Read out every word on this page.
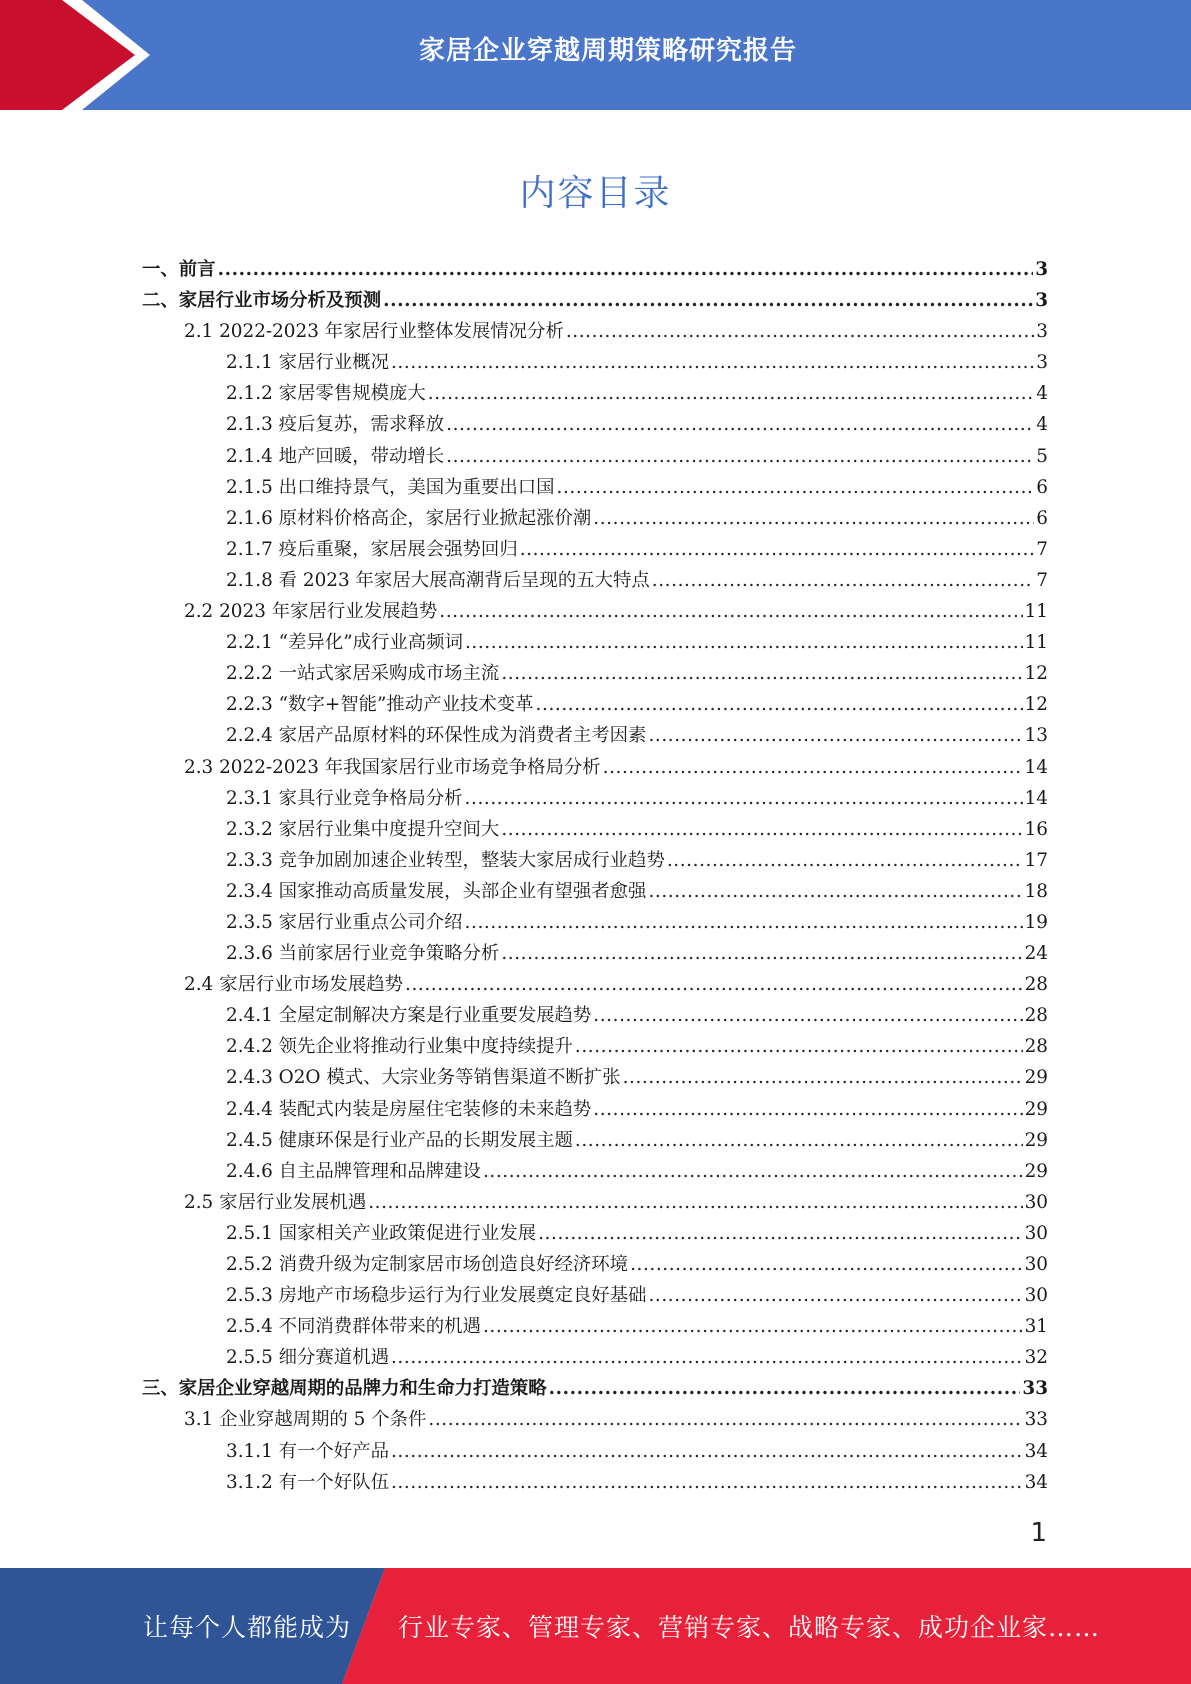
家居企业穿越周期策略研究报告
内容目录
一、前言 .....	3
二、家居行业市场分析及预测 .....	3
2.1 2022-2023 年家居行业整体发展情况分析 .....	3
2.1.1 家居行业概况 .....	3
2.1.2 家居零售规模庞大 .....	4
2.1.3 疫后复苏，需求释放 .....	4
2.1.4 地产回暖，带动增长 .....	5
2.1.5 出口维持景气，美国为重要出口国 .....	6
2.1.6 原材料价格高企，家居行业掀起涨价潮 .....	6
2.1.7 疫后重聚，家居展会强势回归 .....	7
2.1.8 看 2023 年家居大展高潮背后呈现的五大特点 .....	7
2.2 2023 年家居行业发展趋势 .....	11
2.2.1 “差异化”成行业高频词 .....	11
2.2.2 一站式家居采购成市场主流 .....	12
2.2.3 “数字+智能”推动产业技术变革 .....	12
2.2.4 家居产品原材料的环保性成为消费者主考因素 .....	13
2.3 2022-2023 年我国家居行业市场竞争格局分析 .....	14
2.3.1 家具行业竞争格局分析 .....	14
2.3.2 家居行业集中度提升空间大 .....	16
2.3.3 竞争加剧加速企业转型，整装大家居成行业趋势 .....	17
2.3.4 国家推动高质量发展，头部企业有望强者愈强 .....	18
2.3.5 家居行业重点公司介绍 .....	19
2.3.6 当前家居行业竞争策略分析 .....	24
2.4 家居行业市场发展趋势 .....	28
2.4.1 全屋定制解决方案是行业重要发展趋势 .....	28
2.4.2 领先企业将推动行业集中度持续提升 .....	28
2.4.3 O2O 模式、大宗业务等销售渠道不断扩张 .....	29
2.4.4 装配式内装是房屋住宅装修的未来趋势 .....	29
2.4.5 健康环保是行业产品的长期发展主题 .....	29
2.4.6 自主品牌管理和品牌建设 .....	29
2.5 家居行业发展机遇 .....	30
2.5.1 国家相关产业政策促进行业发展 .....	30
2.5.2 消费升级为定制家居市场创造良好经济环境 .....	30
2.5.3 房地产市场稳步运行为行业发展奠定良好基础 .....	30
2.5.4 不同消费群体带来的机遇 .....	31
2.5.5 细分赛道机遇 .....	32
三、家居企业穿越周期的品牌力和生命力打造策略 .....	33
3.1 企业穿越周期的 5 个条件 .....	33
3.1.1 有一个好产品 .....	34
3.1.2 有一个好队伍 .....	34
1
让每个人都能成为 行业专家、管理专家、营销专家、战略专家、成功企业家……
